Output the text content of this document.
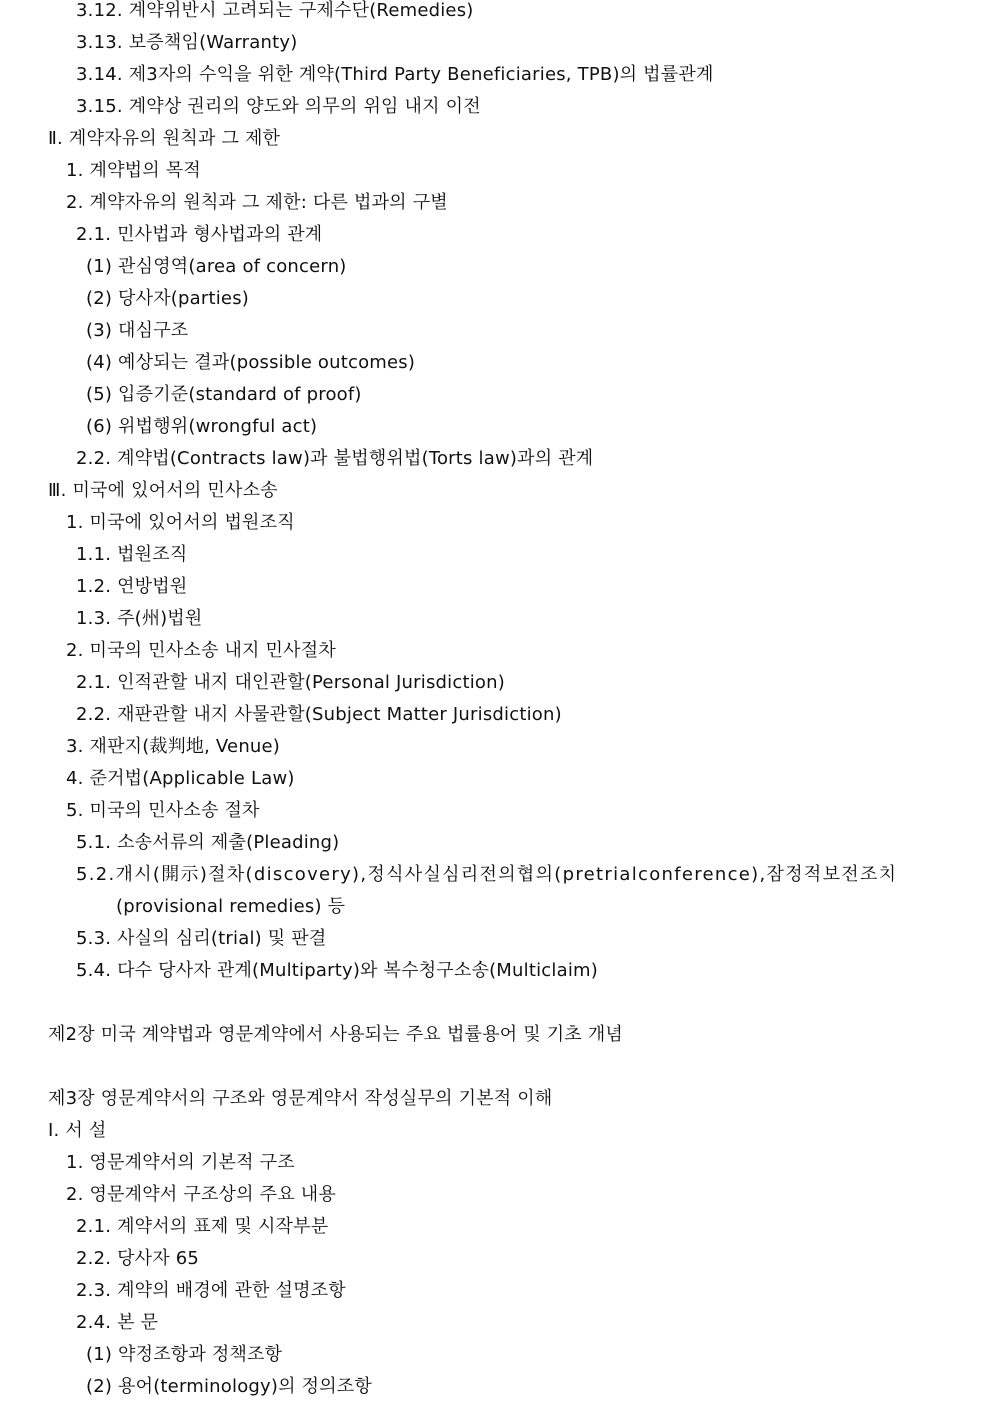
3.12. 계약위반시 고려되는 구제수단(Remedies)
3.13. 보증책임(Warranty)
3.14. 제3자의 수익을 위한 계약(Third Party Beneficiaries, TPB)의 법률관계
3.15. 계약상 권리의 양도와 의무의 위임 내지 이전
Ⅱ. 계약자유의 원칙과 그 제한
1. 계약법의 목적
2. 계약자유의 원칙과 그 제한: 다른 법과의 구별
2.1. 민사법과 형사법과의 관계
(1) 관심영역(area of concern)
(2) 당사자(parties)
(3) 대심구조
(4) 예상되는 결과(possible outcomes)
(5) 입증기준(standard of proof)
(6) 위법행위(wrongful act)
2.2. 계약법(Contracts law)과 불법행위법(Torts law)과의 관계
Ⅲ. 미국에 있어서의 민사소송
1. 미국에 있어서의 법원조직
1.1. 법원조직
1.2. 연방법원
1.3. 주(州)법원
2. 미국의 민사소송 내지 민사절차
2.1. 인적관할 내지 대인관할(Personal Jurisdiction)
2.2. 재판관할 내지 사물관할(Subject Matter Jurisdiction)
3. 재판지(裁判地, Venue)
4. 준거법(Applicable Law)
5. 미국의 민사소송 절차
5.1. 소송서류의 제출(Pleading)
5.2.개시(開示)절차(discovery),정식사실심리전의협의(pretrialconference),잠정적보전조치
(provisional remedies) 등
5.3. 사실의 심리(trial) 및 판결
5.4. 다수 당사자 관계(Multiparty)와 복수청구소송(Multiclaim)
제2장 미국 계약법과 영문계약에서 사용되는 주요 법률용어 및 기초 개념
제3장 영문계약서의 구조와 영문계약서 작성실무의 기본적 이해
Ⅰ. 서 설
1. 영문계약서의 기본적 구조
2. 영문계약서 구조상의 주요 내용
2.1. 계약서의 표제 및 시작부분
2.2. 당사자 65
2.3. 계약의 배경에 관한 설명조항
2.4. 본 문
(1) 약정조항과 정책조항
(2) 용어(terminology)의 정의조항
